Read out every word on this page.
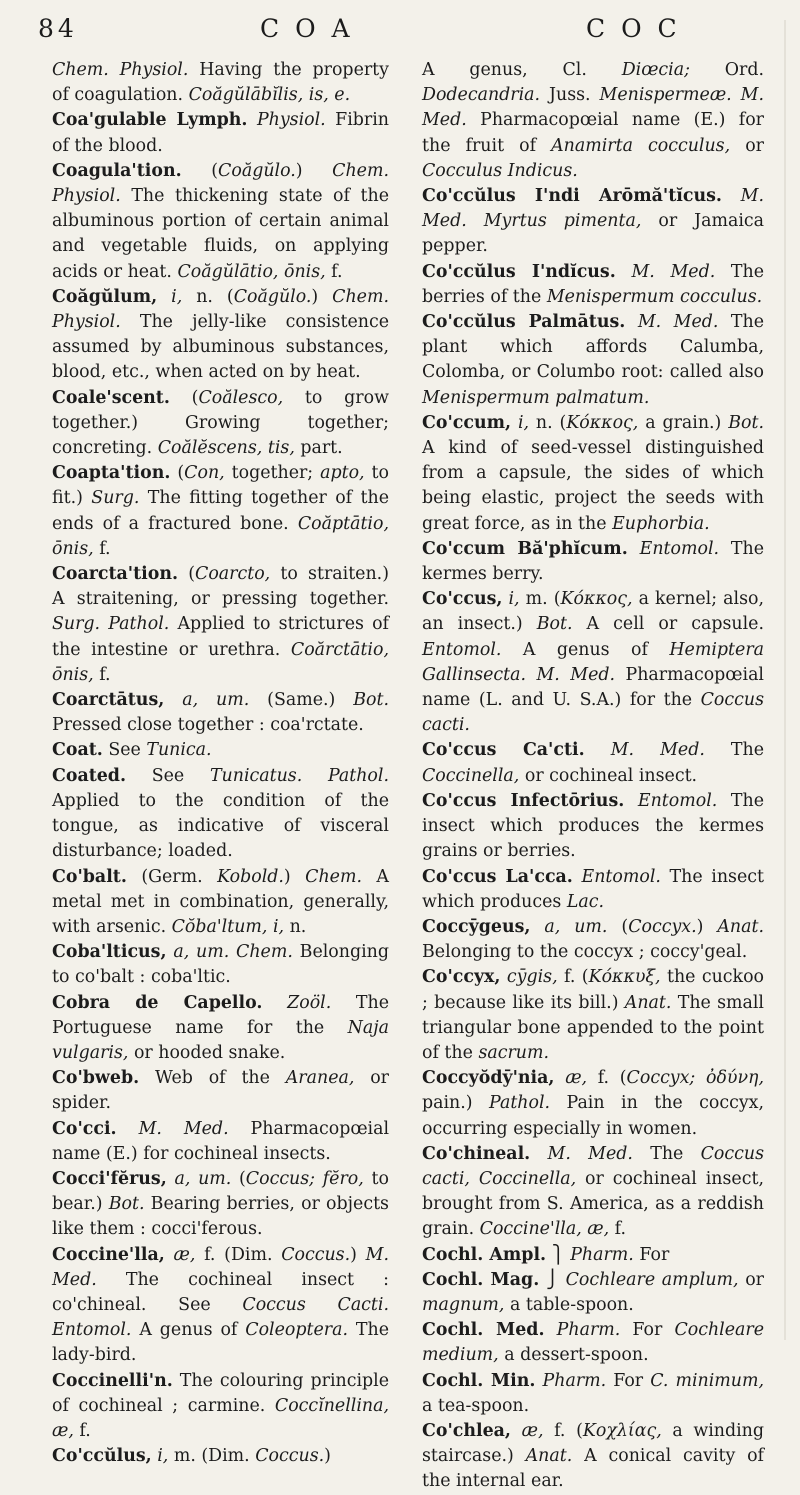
84	C O A	C O C

Chem. Physiol. Having the property of coagulation. Coăgŭlābĭlis, is, e.

Coa'gulable Lymph. Physiol. Fibrin of the blood.

Coagula'tion. (Coăgŭlo.) Chem. Physiol. The thickening state of the albuminous portion of certain animal and vegetable fluids, on applying acids or heat. Coăgŭlātio, ōnis, f.

Coăgŭlum, i, n. (Coăgŭlo.) Chem. Physiol. The jelly-like consistence assumed by albuminous substances, blood, etc., when acted on by heat.

Coale'scent. (Coălesco, to grow together.) Growing together; concreting. Coălĕscens, tis, part.

Coapta'tion. (Con, together; apto, to fit.) Surg. The fitting together of the ends of a fractured bone. Coăptātio, ōnis, f.

Coarcta'tion. (Coarcto, to straiten.) A straitening, or pressing together. Surg. Pathol. Applied to strictures of the intestine or urethra. Coărctātio, ōnis, f.

Coarctātus, a, um. (Same.) Bot. Pressed close together : coa'rctate.

Coat. See Tunica.

Coated. See Tunicatus. Pathol. Applied to the condition of the tongue, as indicative of visceral disturbance; loaded.

Co'balt. (Germ. Kobold.) Chem. A metal met in combination, generally, with arsenic. Cŏba'ltum, i, n.

Coba'lticus, a, um. Chem. Belonging to co'balt : coba'ltic.

Cobra de Capello. Zoöl. The Portuguese name for the Naja vulgaris, or hooded snake.

Co'bweb. Web of the Aranea, or spider.

Co'cci. M. Med. Pharmacopœial name (E.) for cochineal insects.

Cocci'fĕrus, a, um. (Coccus; fĕro, to bear.) Bot. Bearing berries, or objects like them : cocci'ferous.

Coccine'lla, æ, f. (Dim. Coccus.) M. Med. The cochineal insect : co'chineal. See Coccus Cacti. Entomol. A genus of Coleoptera. The lady-bird.

Coccinelli'n. The colouring principle of cochineal ; carmine. Coccĭnellina, æ, f.

Co'ccŭlus, i, m. (Dim. Coccus.)

A genus, Cl. Diœcia; Ord. Dodecandria. Juss. Menispermeæ. M. Med. Pharmacopœial name (E.) for the fruit of Anamirta cocculus, or Cocculus Indicus.

Co'ccŭlus I'ndi Arōmă'tĭcus. M. Med. Myrtus pimenta, or Jamaica pepper.

Co'ccŭlus I'ndĭcus. M. Med. The berries of the Menispermum cocculus.

Co'ccŭlus Palmātus. M. Med. The plant which affords Calumba, Colomba, or Columbo root: called also Menispermum palmatum.

Co'ccum, i, n. (Κόκκος, a grain.) Bot. A kind of seed-vessel distinguished from a capsule, the sides of which being elastic, project the seeds with great force, as in the Euphorbia.

Co'ccum Bă'phĭcum. Entomol. The kermes berry.

Co'ccus, i, m. (Κόκκος, a kernel; also, an insect.) Bot. A cell or capsule. Entomol. A genus of Hemiptera Gallinsecta. M. Med. Pharmacopœial name (L. and U. S.A.) for the Coccus cacti.

Co'ccus Ca'cti. M. Med. The Coccinella, or cochineal insect.

Co'ccus Infectōrius. Entomol. The insect which produces the kermes grains or berries.

Co'ccus La'cca. Entomol. The insect which produces Lac.

Coccȳgeus, a, um. (Coccyx.) Anat. Belonging to the coccyx ; coccy'geal.

Co'ccyx, cȳgis, f. (Κόκκυξ, the cuckoo ; because like its bill.) Anat. The small triangular bone appended to the point of the sacrum.

Coccyŏdȳ'nia, æ, f. (Coccyx; ὀδύνη, pain.) Pathol. Pain in the coccyx, occurring especially in women.

Co'chineal. M. Med. The Coccus cacti, Coccinella, or cochineal insect, brought from S. America, as a reddish grain. Coccine'lla, æ, f.

Cochl. Ampl. ⎫ Pharm. For

Cochl. Mag. ⎭ Cochleare amplum, or magnum, a table-spoon.

Cochl. Med. Pharm. For Cochleare medium, a dessert-spoon.

Cochl. Min. Pharm. For C. minimum, a tea-spoon.

Co'chlea, æ, f. (Κοχλίας, a winding staircase.) Anat. A conical cavity of the internal ear.
